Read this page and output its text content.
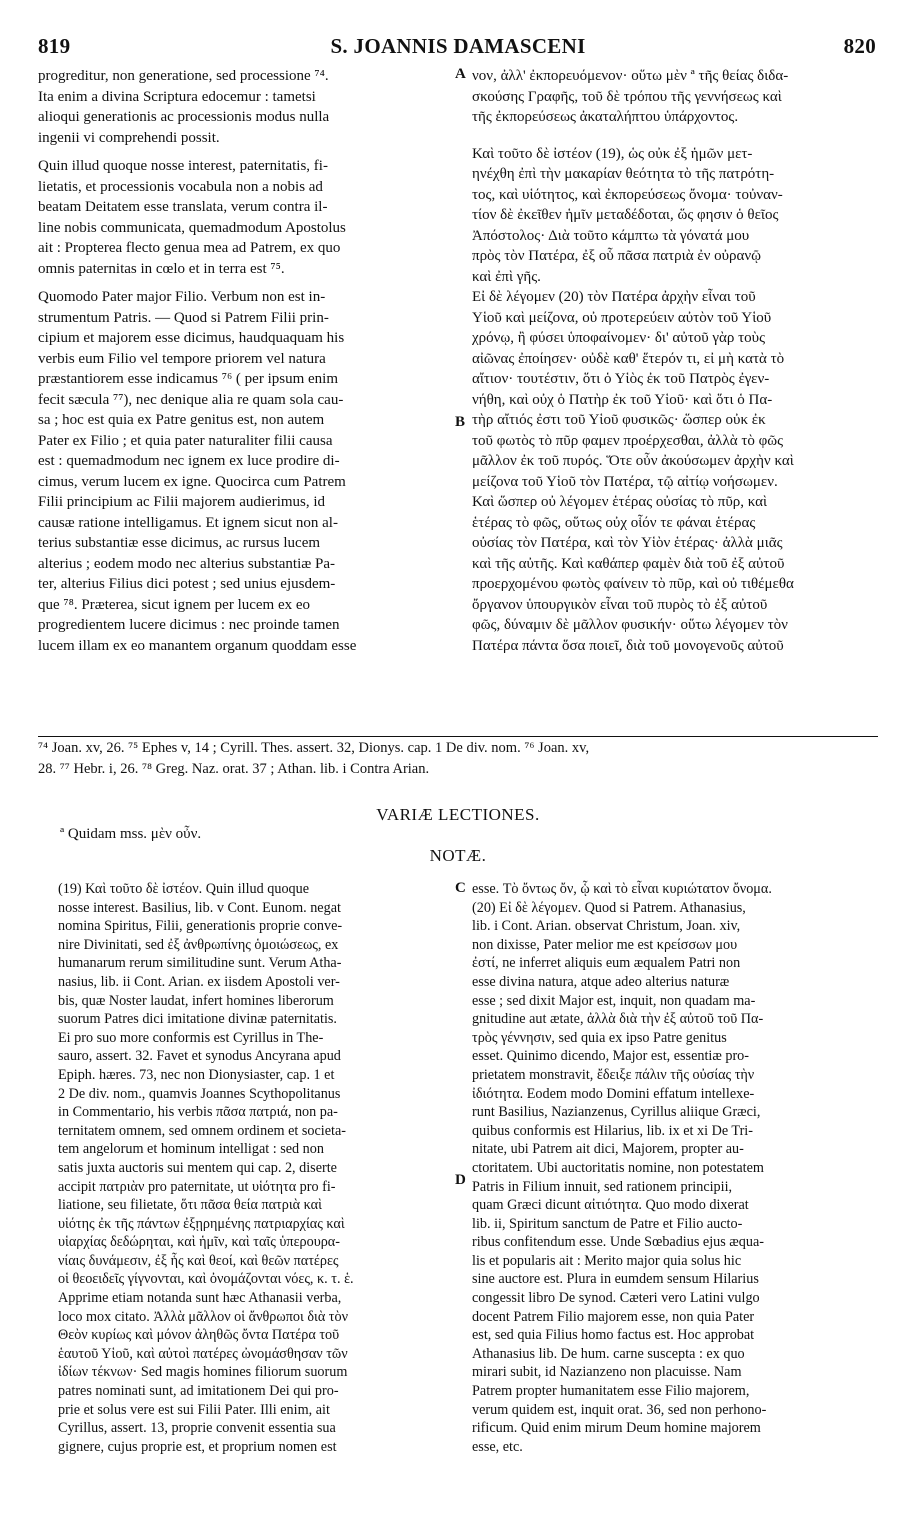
819	S. JOANNIS DAMASCENI	820
progreditur, non generatione, sed processione ⁷⁴.
Ita enim a divina Scriptura edocemur : tametsi
alioqui generationis ac processionis modus nulla
ingenii vi comprehendi possit.
Quin illud quoque nosse interest, paternitatis, fi-
lietatis, et processionis vocabula non a nobis ad
beatam Deitatem esse translata, verum contra il-
line nobis communicata, quemadmodum Apostolus
ait : Propterea flecto genua mea ad Patrem, ex quo
omnis paternitas in cœlo et in terra est ⁷⁵.
Quomodo Pater major Filio. Verbum non est in-
strumentum Patris. — Quod si Patrem Filii prin-
cipium et majorem esse dicimus, haudquaquam his
verbis eum Filio vel tempore priorem vel natura
præstantiorem esse indicamus ⁷⁶ ( per ipsum enim
fecit sæcula ⁷⁷), nec denique alia re quam sola cau-
sa ; hoc est quia ex Patre genitus est, non autem
Pater ex Filio ; et quia pater naturaliter filii causa
est : quemadmodum nec ignem ex luce prodire di-
cimus, verum lucem ex igne. Quocirca cum Patrem
Filii principium ac Filii majorem audierimus, id
causæ ratione intelligamus. Et ignem sicut non al-
terius substantiæ esse dicimus, ac rursus lucem
alterius ; eodem modo nec alterius substantiæ Pa-
ter, alterius Filius dici potest ; sed unius ejusdem-
que ⁷⁸. Præterea, sicut ignem per lucem ex eo
progredientem lucere dicimus : nec proinde tamen
lucem illam ex eo manantem organum quoddam esse
νον, ἀλλ' ἐκπορευόμενον· οὕτω μὲν ª τῆς θείας διδα-
σκούσης Γραφῆς, τοῦ δὲ τρόπου τῆς γεννήσεως καὶ
τῆς ἐκπορεύσεως ἀκαταλήπτου ὑπάρχοντος.
Καὶ τοῦτο δὲ ἰστέον (19), ὡς οὐκ ἐξ ἡμῶν μετ-
ηνέχθη ἐπὶ τὴν μακαρίαν θεότητα τὸ τῆς πατρότη-
τος, καὶ υἱότητος, καὶ ἐκπορεύσεως ὄνομα· τοὐναν-
τίον δὲ ἐκεῖθεν ἡμῖν μεταδέδοται, ὥς φησιν ὁ θεῖος
Ἀπόστολος· Διὰ τοῦτο κάμπτω τὰ γόνατά μου
πρὸς τὸν Πατέρα, ἐξ οὗ πᾶσα πατριὰ ἐν οὐρανῷ
καὶ ἐπὶ γῆς.
Εἰ δὲ λέγομεν (20) τὸν Πατέρα ἀρχὴν εἶναι τοῦ
Υἱοῦ καὶ μείζονα, οὐ προτερεύειν αὐτὸν τοῦ Υἱοῦ
χρόνῳ, ἢ φύσει ὑποφαίνομεν· δι' αὐτοῦ γὰρ τοὺς
αἰῶνας ἐποίησεν· οὐδὲ καθ' ἕτερόν τι, εἰ μὴ κατὰ τὸ
αἴτιον· τουτέστιν, ὅτι ὁ Υἱὸς ἐκ τοῦ Πατρὸς ἐγεν-
νήθη, καὶ οὐχ ὁ Πατὴρ ἐκ τοῦ Υἱοῦ· καὶ ὅτι ὁ Πα-
τὴρ αἴτιός ἐστι τοῦ Υἱοῦ φυσικῶς· ὥσπερ οὐκ ἐκ
τοῦ φωτὸς τὸ πῦρ φαμεν προέρχεσθαι, ἀλλὰ τὸ φῶς
μᾶλλον ἐκ τοῦ πυρός. Ὅτε οὖν ἀκούσωμεν ἀρχὴν καὶ
μείζονα τοῦ Υἱοῦ τὸν Πατέρα, τῷ αἰτίῳ νοήσωμεν.
Καὶ ὥσπερ οὐ λέγομεν ἑτέρας οὐσίας τὸ πῦρ, καὶ
ἑτέρας τὸ φῶς, οὕτως οὐχ οἷόν τε φάναι ἑτέρας
οὐσίας τὸν Πατέρα, καὶ τὸν Υἱὸν ἑτέρας· ἀλλὰ μιᾶς
καὶ τῆς αὐτῆς. Καὶ καθάπερ φαμὲν διὰ τοῦ ἐξ αὐτοῦ
προερχομένου φωτὸς φαίνειν τὸ πῦρ, καὶ οὐ τιθέμεθα
ὄργανον ὑπουργικὸν εἶναι τοῦ πυρὸς τὸ ἐξ αὐτοῦ
φῶς, δύναμιν δὲ μᾶλλον φυσικήν· οὕτω λέγομεν τὸν
Πατέρα πάντα ὅσα ποιεῖ, διὰ τοῦ μονογενοῦς αὐτοῦ
A
B
C
D
⁷⁴ Joan. xv, 26. ⁷⁵ Ephes v, 14 ; Cyrill. Thes. assert. 32, Dionys. cap. 1 De div. nom. ⁷⁶ Joan. xv,
28. ⁷⁷ Hebr. i, 26. ⁷⁸ Greg. Naz. orat. 37 ; Athan. lib. i Contra Arian.
VARIÆ LECTIONES.
ª Quidam mss. μὲν οὖν.
NOTÆ.
(19) Καὶ τοῦτο δὲ ἰστέον. Quin illud quoque
nosse interest. Basilius, lib. v Cont. Eunom. negat
nomina Spiritus, Filii, generationis proprie conve-
nire Divinitati, sed ἐξ ἀνθρωπίνης ὁμοιώσεως, ex
humanarum rerum similitudine sunt. Verum Atha-
nasius, lib. ii Cont. Arian. ex iisdem Apostoli ver-
bis, quæ Noster laudat, infert homines liberorum
suorum Patres dici imitatione divinæ paternitatis.
Ei pro suo more conformis est Cyrillus in The-
sauro, assert. 32. Favet et synodus Ancyrana apud
Epiph. hæres. 73, nec non Dionysiaster, cap. 1 et
2 De div. nom., quamvis Joannes Scythopolitanus
in Commentario, his verbis πᾶσα πατριά, non pa-
ternitatem omnem, sed omnem ordinem et societa-
tem angelorum et hominum intelligat : sed non
satis juxta auctoris sui mentem qui cap. 2, diserte
accipit πατριὰν pro paternitate, ut υἱότητα pro fi-
liatione, seu filietate, ὅτι πᾶσα θεία πατριὰ καὶ
υἱότης ἐκ τῆς πάντων ἐξῃρημένης πατριαρχίας καὶ
υἱαρχίας δεδώρηται, καὶ ἡμῖν, καὶ ταῖς ὑπερουρα-
νίαις δυνάμεσιν, ἐξ ἧς καὶ θεοί, καὶ θεῶν πατέρες
οἱ θεοειδεῖς γίγνονται, καὶ ὀνομάζονται νόες, κ. τ. ἑ.
Apprime etiam notanda sunt hæc Athanasii verba,
loco mox citato. Ἀλλὰ μᾶλλον οἱ ἄνθρωποι διὰ τὸν
Θεὸν κυρίως καὶ μόνον ἀληθῶς ὄντα Πατέρα τοῦ
ἑαυτοῦ Υἱοῦ, καὶ αὐτοὶ πατέρες ὠνομάσθησαν τῶν
ἰδίων τέκνων· Sed magis homines filiorum suorum
patres nominati sunt, ad imitationem Dei qui pro-
prie et solus vere est sui Filii Pater. Illi enim, ait
Cyrillus, assert. 13, proprie convenit essentia sua
gignere, cujus proprie est, et proprium nomen est
esse. Τὸ ὄντως ὄν, ᾧ καὶ τὸ εἶναι κυριώτατον ὄνομα.
(20) Εἰ δὲ λέγομεν. Quod si Patrem. Athanasius,
lib. i Cont. Arian. observat Christum, Joan. xiv,
non dixisse, Pater melior me est κρείσσων μου
ἐστί, ne inferret aliquis eum æqualem Patri non
esse divina natura, atque adeo alterius naturæ
esse ; sed dixit Major est, inquit, non quadam ma-
gnitudine aut ætate, ἀλλὰ διὰ τὴν ἐξ αὐτοῦ τοῦ Πα-
τρὸς γέννησιν, sed quia ex ipso Patre genitus
esset. Quinimo dicendo, Major est, essentiæ pro-
prietatem monstravit, ἔδειξε πάλιν τῆς οὐσίας τὴν
ἰδιότητα. Eodem modo Domini effatum intellexe-
runt Basilius, Nazianzenus, Cyrillus aliique Græci,
quibus conformis est Hilarius, lib. ix et xi De Tri-
nitate, ubi Patrem ait dici, Majorem, propter au-
ctoritatem. Ubi auctoritatis nomine, non potestatem
Patris in Filium innuit, sed rationem principii,
quam Græci dicunt αἰτιότητα. Quo modo dixerat
lib. ii, Spiritum sanctum de Patre et Filio aucto-
ribus confitendum esse. Unde Sœbadius ejus æqua-
lis et popularis ait : Merito major quia solus hic
sine auctore est. Plura in eumdem sensum Hilarius
congessit libro De synod. Cæteri vero Latini vulgo
docent Patrem Filio majorem esse, non quia Pater
est, sed quia Filius homo factus est. Hoc approbat
Athanasius lib. De hum. carne suscepta : ex quo
mirari subit, id Nazianzeno non placuisse. Nam
Patrem propter humanitatem esse Filio majorem,
verum quidem est, inquit orat. 36, sed non perhono-
rificum. Quid enim mirum Deum homine majorem
esse, etc.
